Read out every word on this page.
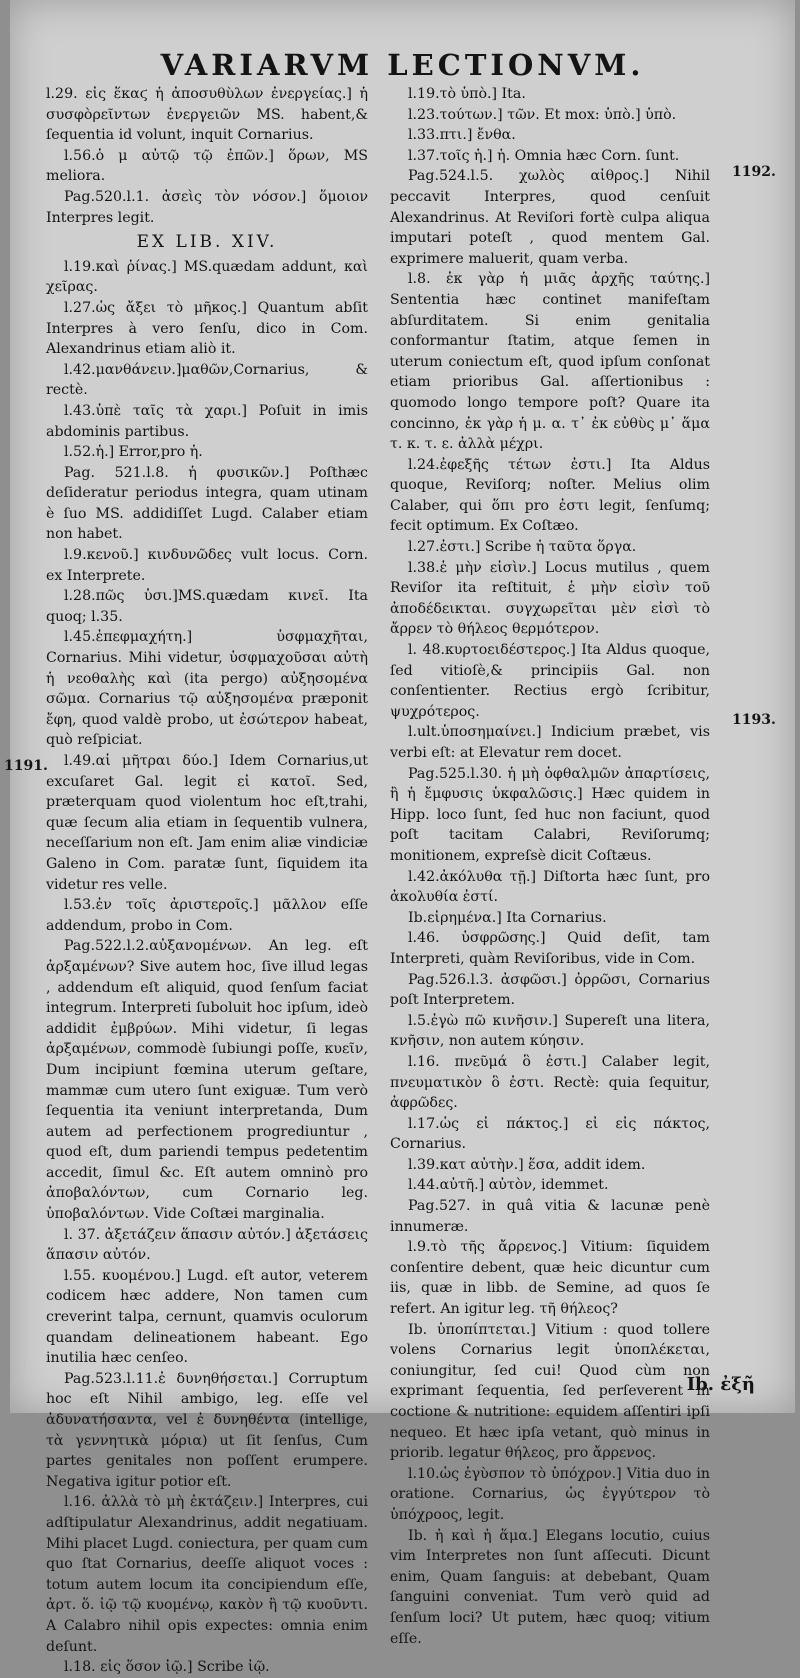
VARIARVM LECTIONVM.

l.29. εἰς ἕκαϛ ἡ ἀποσυθὺλων ἐνεργείας.] ἡ συσφὸρεῖντων ἐνεργειῶν MS. habent,& ſequentia id volunt, inquit Cornarius.

l.56.ὁ μ αὐτῷ τῷ ἐπῶν.] ὅρων, MS meliora.

Pag.520.l.1. ἀσεὶς τὸν νόσον.] ὅμοιον Interpres legit.

EX LIB. XIV.

l.19.καὶ ῥίνας.] MS.quædam addunt, καὶ χεῖρας.

l.27.ὡς ἄξει τὸ μῆκος.] Quantum abſit Interpres à vero ſenſu, dico in Com. Alexandrinus etiam aliò it.

l.42.μανθάνειν.]μαθῶν,Cornarius, & rectè.

l.43.ὑπὲ ταῖς τὰ χαρι.] Poſuit in imis abdominis partibus.

l.52.ἡ.] Error,pro ἡ.

Pag. 521.l.8. ἡ φυσικῶν.] Poſthæc deſideratur periodus integra, quam utinam è ſuo MS. addidiſſet Lugd. Calaber etiam non habet.

l.9.κενοῦ.] κινδυνῶδες vult locus. Corn. ex Interprete.

l.28.πῶς ὑσι.]MS.quædam κινεῖ. Ita quoq; l.35.

l.45.ἐπεφμαχήτη.] ὑσφμαχῆται, Cornarius. Mihi videtur, ὑσφμαχοῦσαι αὐτὴ ἡ νεοθαλὴς καὶ (ita pergo) αὐξησομένα σῶμα. Cornarius τῷ αὐξησομένα præponit ἔφη, quod valdè probo, ut ἐσώτερον habeat, quò reſpiciat.

l.49.αἱ μῆτραι δύο.] Idem Cornarius,ut excuſaret Gal. legit εἰ κατοῖ. Sed, præterquam quod violentum hoc eſt,trahi, quæ ſecum alia etiam in ſequentib vulnera, neceſſarium non eſt. Jam enim aliæ vindiciæ Galeno in Com. paratæ ſunt, ſiquidem ita videtur res velle.

l.53.ἐν τοῖς ἀριστεροῖς.] μᾶλλον eſſe addendum, probo in Com.

Pag.522.l.2.αὐξανομένων. An leg. eſt ἀρξαμένων? Sive autem hoc, ſive illud legas , addendum eſt aliquid, quod ſenſum faciat integrum. Interpreti ſuboluit hoc ipſum, ideò addidit ἐμβρύων. Mihi videtur, ſi legas ἀρξαμένων, commodè ſubiungi poſſe, κυεῖν, Dum incipiunt fœmina uterum geſtare, mammæ cum utero ſunt exiguæ. Tum verò ſequentia ita veniunt interpretanda, Dum autem ad perfectionem progrediuntur , quod eſt, dum pariendi tempus pedetentim accedit, ſimul &c. Eſt autem omninò pro ἀποβαλόντων, cum Cornario leg. ὑποβαλόντων. Vide Coſtæi marginalia.

l. 37. ἀξετάζειν ἅπασιν αὐτόν.] ἀξετάσεις ἅπασιν αὐτόν.

l.55. κυομένου.] Lugd. eſt autor, veterem codicem hæc addere, Non tamen cum creverint talpa, cernunt, quamvis oculorum quandam delineationem habeant. Ego inutilia hæc cenſeo.

Pag.523.l.11.ἐ δυνηθήσεται.] Corruptum hoc eſt Nihil ambigo, leg. eſſe vel ἀδυνατήσαντα, vel ἐ δυνηθέντα (intellige, τὰ γεννητικὰ μόρια) ut ſit ſenſus, Cum partes genitales non poſſent erumpere. Negativa igitur potior eſt.

l.16. ἀλλὰ τὸ μὴ ἐκτάζειν.] Interpres, cui adſtipulatur Alexandrinus, addit negatiuam. Mihi placet Lugd. coniectura, per quam cum quo ſtat Cornarius, deeſſe aliquot voces : totum autem locum ita concipiendum eſſe, ἀρτ. ὅ. ἰῷ τῷ κυομένῳ, κακὸν ἢ τῷ κυοῦντι. A Calabro nihil opis expectes: omnia enim deſunt.

l.18. εἰς ὅσον ἰῷ.] Scribe ἰῷ.

l.19.τὸ ὑπὸ.] Ita.

l.23.τούτων.] τῶν. Et mox: ὑπὸ.] ὑπὸ.

l.33.πτι.] ἔνθα.

l.37.τοῖς ἡ.] ἡ. Omnia hæc Corn. ſunt.

Pag.524.l.5. χωλὸς αἰθρος.] Nihil peccavit Interpres, quod cenſuit Alexandrinus. At Reviſori fortè culpa aliqua imputari poteſt , quod mentem Gal. exprimere maluerit, quam verba.

l.8. ἐκ γὰρ ἡ μιᾶς ἀρχῆς ταύτης.] Sententia hæc continet manifeſtam abſurditatem. Si enim genitalia conformantur ſtatim, atque ſemen in uterum coniectum eſt, quod ipſum conſonat etiam prioribus Gal. aſſertionibus : quomodo longo tempore poſt? Quare ita concinno, ἐκ γὰρ ἡ μ. α. τ᾽ ἐκ εὐθὺς μ᾽ ἅμα τ. κ. τ. ε. ἀλλὰ μέχρι.

l.24.ἐφεξῆς τέτων ἐστι.] Ita Aldus quoque, Reviſorq; noſter. Melius olim Calaber, qui ὅπι pro ἐστι legit, ſenſumq; fecit optimum. Ex Coſtæo.

l.27.ἐστι.] Scribe ἡ ταῦτα ὅργα.

l.38.ἑ μὴν εἰσὶν.] Locus mutilus , quem Reviſor ita reſtituit, ἑ μὴν εἰσὶν τοῦ ἀποδέδεικται. συγχωρεῖται μὲν εἰσὶ τὸ ἄρρεν τὸ θήλεος θερμότερον.

l. 48.κυρτοειδέστερος.] Ita Aldus quoque, ſed vitioſè,& principiis Gal. non conſentienter. Rectius ergò ſcribitur, ψυχρότερος.

l.ult.ὑποσημαίνει.] Indicium præbet, vis verbi eſt: at Elevatur rem docet.

Pag.525.l.30. ἡ μὴ ὀφθαλμῶν ἀπαρτίσεις, ἢ ἡ ἔμφυσις ὑκφαλῶσις.] Hæc quidem in Hipp. loco ſunt, ſed huc non faciunt, quod poſt tacitam Calabri, Reviſorumq; monitionem, expreſsè dicit Coſtæus.

l.42.ἀκόλυθα τῇ.] Diſtorta hæc ſunt, pro ἀκολυθία ἐστί.

Ib.εἰρημένα.] Ita Cornarius.

l.46. ὑσφρῶσης.] Quid deſit, tam Interpreti, quàm Reviſoribus, vide in Com.

Pag.526.l.3. ἀσφῶσι.] ὀρρῶσι, Cornarius poſt Interpretem.

l.5.ἐγὼ πῶ κινῆσιν.] Supereſt una litera, κνῆσιν, non autem κύησιν.

l.16. πνεῦμά ὃ ἐστι.] Calaber legit, πνευματικὸν ὃ ἐστι. Rectè: quia ſequitur, ἀφρῶδες.

l.17.ὡς εἰ πάκτος.] εἰ εἰς πάκτος, Cornarius.

l.39.κατ αὐτὴν.] ἕσα, addit idem.

l.44.αὐτῆ.] αὐτὸν, idemmet.

Pag.527. in quâ vitia & lacunæ penè innumeræ.

l.9.τὸ τῆς ἄρρενος.] Vitium: ſiquidem conſentire debent, quæ heic dicuntur cum iis, quæ in libb. de Semine, ad quos ſe refert. An igitur leg. τῆ θήλεος?

Ib. ὑποπίπτεται.] Vitium : quod tollere volens Cornarius legit ὑποπλέκεται, coniungitur, ſed cui! Quod cùm non exprimant ſequentia, ſed perſeverent in coctione & nutritione: equidem aſſentiri ipſi nequeo. Et hæc ipſa vetant, quò minus in priorib. legatur θήλεος, pro ἄρρενος.

l.10.ὡς ἐγὺσπον τὸ ὑπόχρον.] Vitia duo in oratione. Cornarius, ὡς ἐγγύτερον τὸ ὑπόχροος, legit.

Ib. ἡ καὶ ἡ ἅμα.] Elegans locutio, cuius vim Interpretes non ſunt aſſecuti. Dicunt enim, Quam ſanguis: at debebant, Quam ſanguini conveniat. Tum verò quid ad ſenſum loci? Ut putem, hæc quoq; vitium eſſe.

1192.
1193.
1191.
Ib. ἐξῆ
